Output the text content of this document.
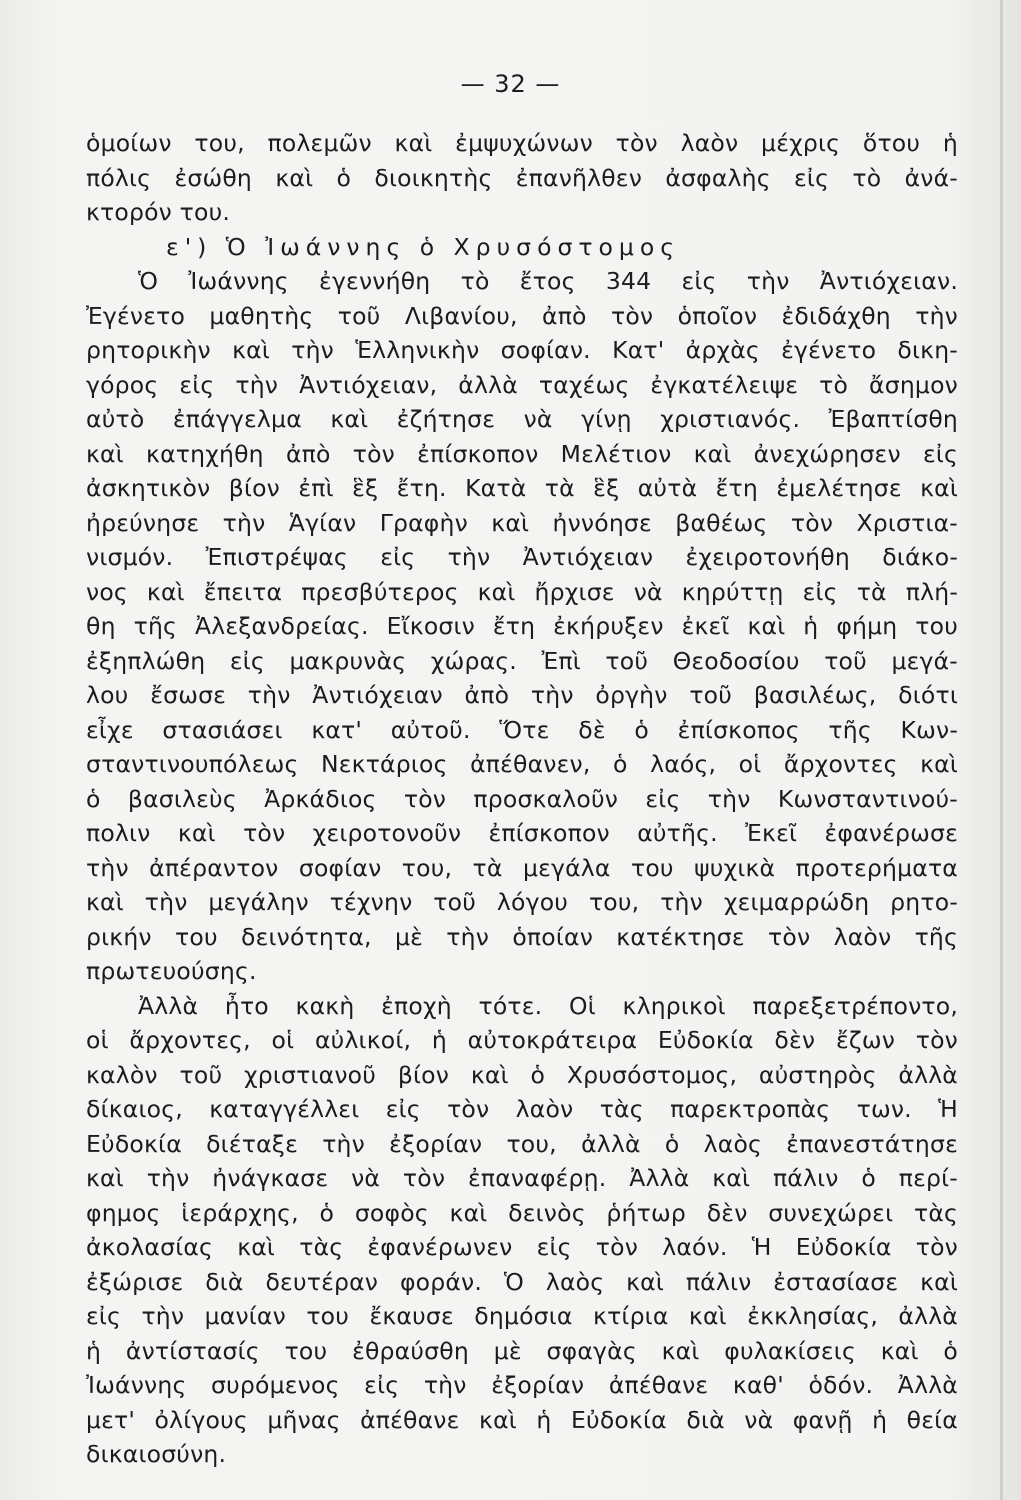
— 32 —
ὁμοίων του, πολεμῶν καὶ ἐμψυχώνων τὸν λαὸν μέχρις ὅτου ἡ
πόλις ἐσώθη καὶ ὁ διοικητὴς ἐπανῆλθεν ἀσφαλὴς εἰς τὸ ἀνά-
κτορόν του.
ε') Ὁ Ἰωάννης ὁ Χρυσόστομος
Ὁ Ἰωάννης ἐγεννήθη τὸ ἔτος 344 εἰς τὴν Ἀντιόχειαν.
Ἐγένετο μαθητὴς τοῦ Λιβανίου, ἀπὸ τὸν ὁποῖον ἐδιδάχθη τὴν
ρητορικὴν καὶ τὴν Ἑλληνικὴν σοφίαν. Κατ' ἀρχὰς ἐγένετο δικη-
γόρος εἰς τὴν Ἀντιόχειαν, ἀλλὰ ταχέως ἐγκατέλειψε τὸ ἄσημον
αὐτὸ ἐπάγγελμα καὶ ἐζήτησε νὰ γίνῃ χριστιανός. Ἐβαπτίσθη
καὶ κατηχήθη ἀπὸ τὸν ἐπίσκοπον Μελέτιον καὶ ἀνεχώρησεν εἰς
ἀσκητικὸν βίον ἐπὶ ἓξ ἔτη. Κατὰ τὰ ἓξ αὐτὰ ἔτη ἐμελέτησε καὶ
ἠρεύνησε τὴν Ἁγίαν Γραφὴν καὶ ἠννόησε βαθέως τὸν Χριστια-
νισμόν. Ἐπιστρέψας εἰς τὴν Ἀντιόχειαν ἐχειροτονήθη διάκο-
νος καὶ ἔπειτα πρεσβύτερος καὶ ἤρχισε νὰ κηρύττῃ εἰς τὰ πλή-
θη τῆς Ἀλεξανδρείας. Εἴκοσιν ἔτη ἐκήρυξεν ἐκεῖ καὶ ἡ φήμη του
ἐξηπλώθη εἰς μακρυνὰς χώρας. Ἐπὶ τοῦ Θεοδοσίου τοῦ μεγά-
λου ἔσωσε τὴν Ἀντιόχειαν ἀπὸ τὴν ὀργὴν τοῦ βασιλέως, διότι
εἶχε στασιάσει κατ' αὐτοῦ. Ὅτε δὲ ὁ ἐπίσκοπος τῆς Κων-
σταντινουπόλεως Νεκτάριος ἀπέθανεν, ὁ λαός, οἱ ἄρχοντες καὶ
ὁ βασιλεὺς Ἀρκάδιος τὸν προσκαλοῦν εἰς τὴν Κωνσταντινού-
πολιν καὶ τὸν χειροτονοῦν ἐπίσκοπον αὐτῆς. Ἐκεῖ ἐφανέρωσε
τὴν ἀπέραντον σοφίαν του, τὰ μεγάλα του ψυχικὰ προτερήματα
καὶ τὴν μεγάλην τέχνην τοῦ λόγου του, τὴν χειμαρρώδη ρητο-
ρικήν του δεινότητα, μὲ τὴν ὁποίαν κατέκτησε τὸν λαὸν τῆς
πρωτευούσης.
Ἀλλὰ ἦτο κακὴ ἐποχὴ τότε. Οἱ κληρικοὶ παρεξετρέποντο,
οἱ ἄρχοντες, οἱ αὐλικοί, ἡ αὐτοκράτειρα Εὐδοκία δὲν ἔζων τὸν
καλὸν τοῦ χριστιανοῦ βίον καὶ ὁ Χρυσόστομος, αὐστηρὸς ἀλλὰ
δίκαιος, καταγγέλλει εἰς τὸν λαὸν τὰς παρεκτροπὰς των. Ἡ
Εὐδοκία διέταξε τὴν ἐξορίαν του, ἀλλὰ ὁ λαὸς ἐπανεστάτησε
καὶ τὴν ἠνάγκασε νὰ τὸν ἐπαναφέρῃ. Ἀλλὰ καὶ πάλιν ὁ περί-
φημος ἱεράρχης, ὁ σοφὸς καὶ δεινὸς ῥήτωρ δὲν συνεχώρει τὰς
ἀκολασίας καὶ τὰς ἐφανέρωνεν εἰς τὸν λαόν. Ἡ Εὐδοκία τὸν
ἐξώρισε διὰ δευτέραν φοράν. Ὁ λαὸς καὶ πάλιν ἐστασίασε καὶ
εἰς τὴν μανίαν του ἔκαυσε δημόσια κτίρια καὶ ἐκκλησίας, ἀλλὰ
ἡ ἀντίστασίς του ἐθραύσθη μὲ σφαγὰς καὶ φυλακίσεις καὶ ὁ
Ἰωάννης συρόμενος εἰς τὴν ἐξορίαν ἀπέθανε καθ' ὁδόν. Ἀλλὰ
μετ' ὀλίγους μῆνας ἀπέθανε καὶ ἡ Εὐδοκία διὰ νὰ φανῇ ἡ θεία
δικαιοσύνη.
